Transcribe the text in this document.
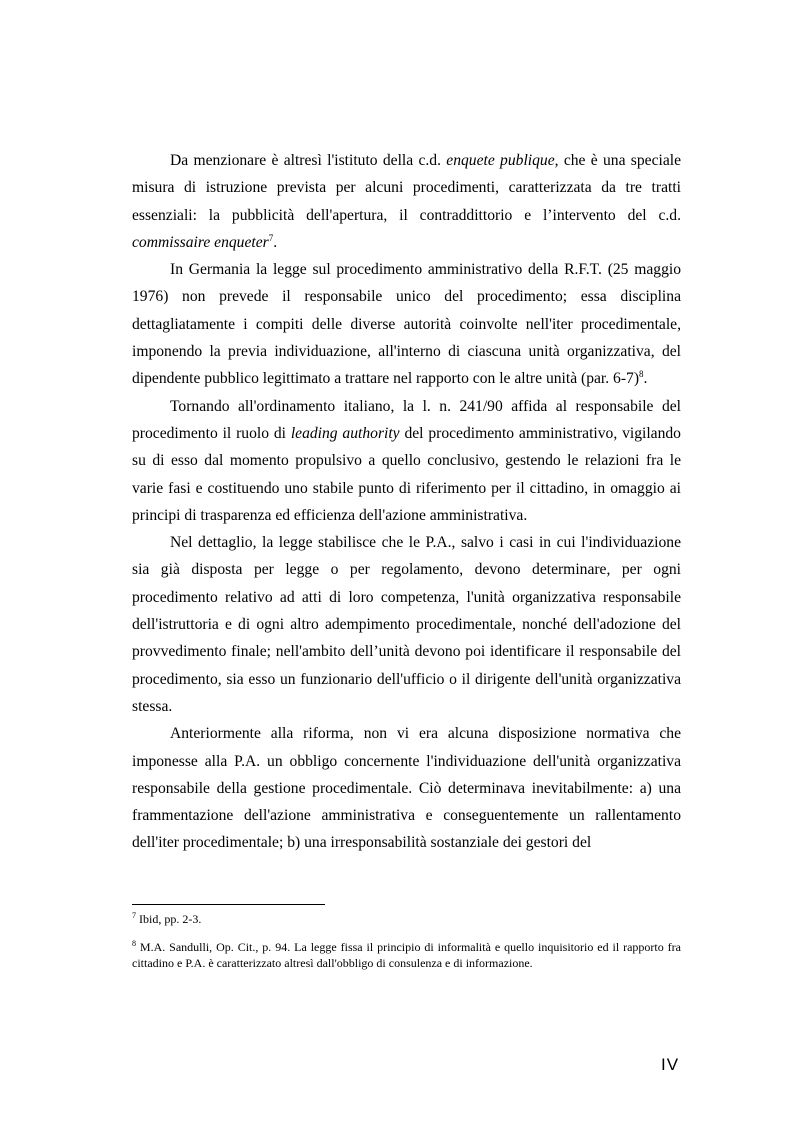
Da menzionare è altresì l'istituto della c.d. enquete publique, che è una speciale misura di istruzione prevista per alcuni procedimenti, caratterizzata da tre tratti essenziali: la pubblicità dell'apertura, il contraddittorio e l’intervento del c.d. commissaire enqueter$^7$.

In Germania la legge sul procedimento amministrativo della R.F.T. (25 maggio 1976) non prevede il responsabile unico del procedimento; essa disciplina dettagliatamente i compiti delle diverse autorità coinvolte nell'iter procedimentale, imponendo la previa individuazione, all'interno di ciascuna unità organizzativa, del dipendente pubblico legittimato a trattare nel rapporto con le altre unità (par. 6-7)$^8$.

Tornando all'ordinamento italiano, la l. n. 241/90 affida al responsabile del procedimento il ruolo di leading authority del procedimento amministrativo, vigilando su di esso dal momento propulsivo a quello conclusivo, gestendo le relazioni fra le varie fasi e costituendo uno stabile punto di riferimento per il cittadino, in omaggio ai principi di trasparenza ed efficienza dell'azione amministrativa.

Nel dettaglio, la legge stabilisce che le P.A., salvo i casi in cui l'individuazione sia già disposta per legge o per regolamento, devono determinare, per ogni procedimento relativo ad atti di loro competenza, l'unità organizzativa responsabile dell'istruttoria e di ogni altro adempimento procedimentale, nonché dell'adozione del provvedimento finale; nell'ambito dell’unità devono poi identificare il responsabile del procedimento, sia esso un funzionario dell'ufficio o il dirigente dell'unità organizzativa stessa.

Anteriormente alla riforma, non vi era alcuna disposizione normativa che imponesse alla P.A. un obbligo concernente l'individuazione dell'unità organizzativa responsabile della gestione procedimentale. Ciò determinava inevitabilmente: a) una frammentazione dell'azione amministrativa e conseguentemente un rallentamento dell'iter procedimentale; b) una irresponsabilità sostanziale dei gestori del

$^7$ Ibid, pp. 2-3.

$^8$ M.A. Sandulli, Op. Cit., p. 94. La legge fissa il principio di informalità e quello inquisitorio ed il rapporto fra cittadino e P.A. è caratterizzato altresì dall'obbligo di consulenza e di informazione.

IV
